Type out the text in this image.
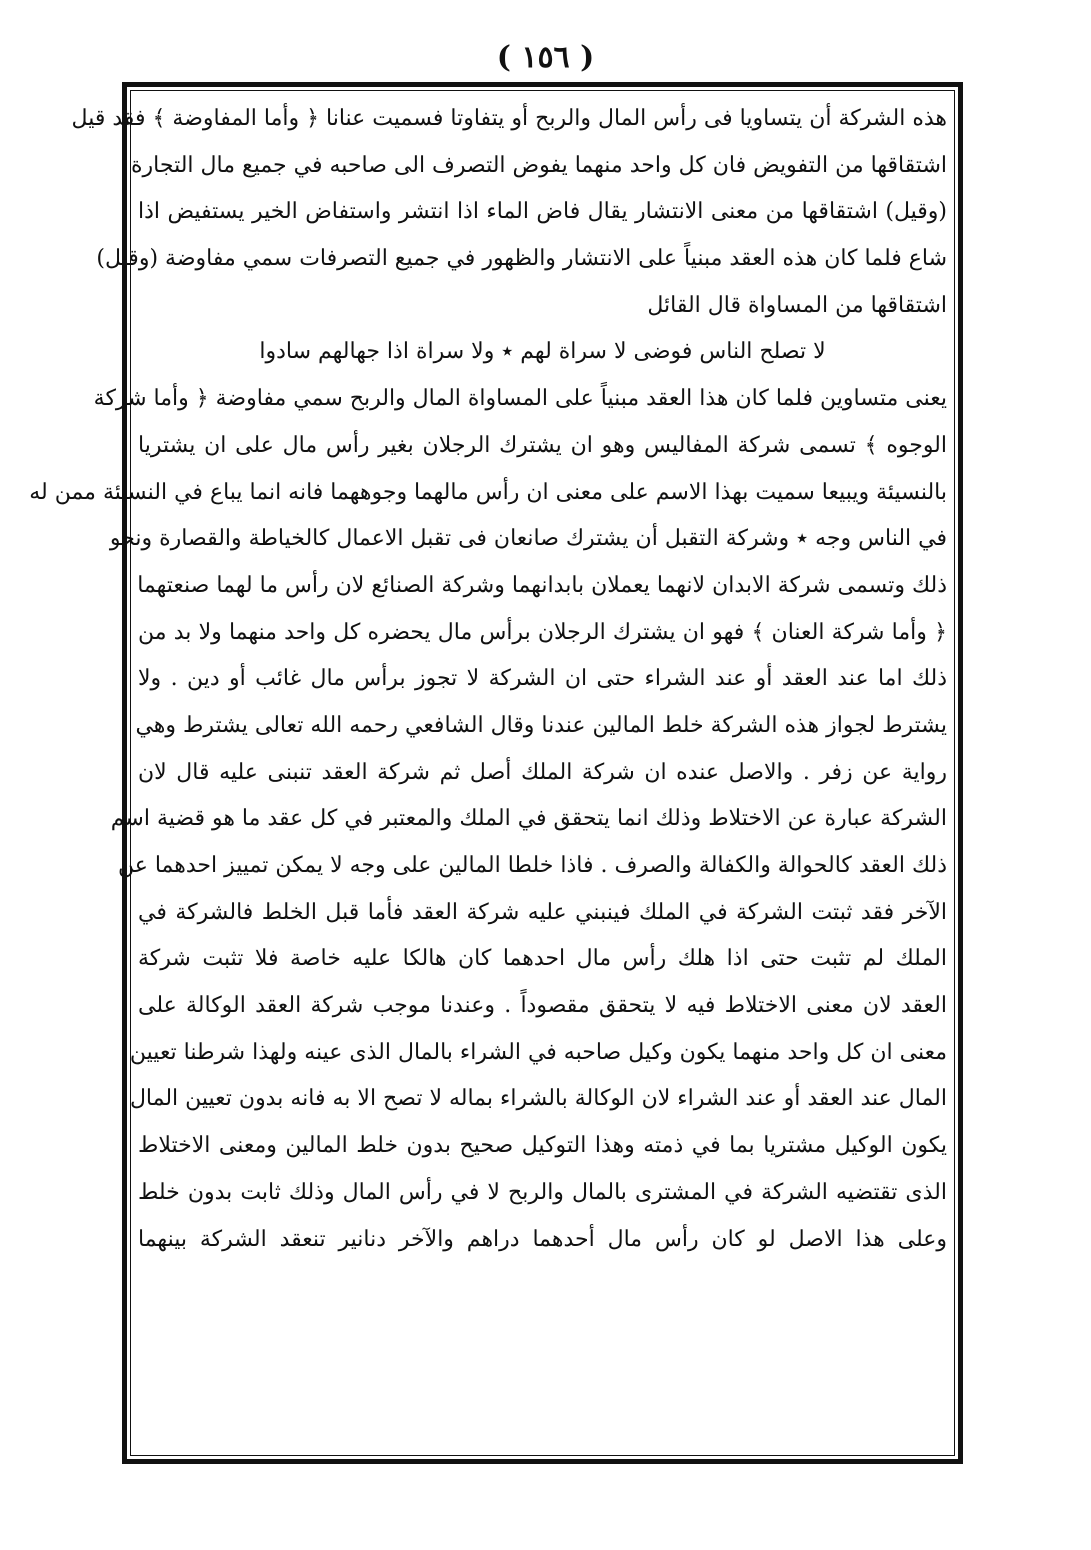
( ١٥٦ )
هذه الشركة أن يتساويا فى رأس المال والربح أو يتفاوتا فسميت عنانا ﴿ وأما المفاوضة ﴾ فقد قيل
اشتقاقها من التفويض فان كل واحد منهما يفوض التصرف الى صاحبه في جميع مال التجارة
(وقيل) اشتقاقها من معنى الانتشار يقال فاض الماء اذا انتشر واستفاض الخير يستفيض اذا
شاع فلما كان هذه العقد مبنياً على الانتشار والظهور في جميع التصرفات سمي مفاوضة (وقيل)
اشتقاقها من المساواة قال القائل
لا تصلح الناس فوضى لا سراة لهم ٭ ولا سراة اذا جهالهم سادوا
يعنى متساوين فلما كان هذا العقد مبنياً على المساواة المال والربح سمي مفاوضة ﴿ وأما شركة
الوجوه ﴾ تسمى شركة المفاليس وهو ان يشترك الرجلان بغير رأس مال على ان يشتريا
بالنسيئة ويبيعا سميت بهذا الاسم على معنى ان رأس مالهما وجوههما فانه انما يباع في النسيئة ممن له
في الناس وجه ٭ وشركة التقبل أن يشترك صانعان فى تقبل الاعمال كالخياطة والقصارة ونحو
ذلك وتسمى شركة الابدان لانهما يعملان بابدانهما وشركة الصنائع لان رأس ما لهما صنعتهما
﴿ وأما شركة العنان ﴾ فهو ان يشترك الرجلان برأس مال يحضره كل واحد منهما ولا بد من
ذلك اما عند العقد أو عند الشراء حتى ان الشركة لا تجوز برأس مال غائب أو دين . ولا
يشترط لجواز هذه الشركة خلط المالين عندنا وقال الشافعي رحمه الله تعالى يشترط وهي
رواية عن زفر . والاصل عنده ان شركة الملك أصل ثم شركة العقد تنبنى عليه قال لان
الشركة عبارة عن الاختلاط وذلك انما يتحقق في الملك والمعتبر في كل عقد ما هو قضية اسم
ذلك العقد كالحوالة والكفالة والصرف . فاذا خلطا المالين على وجه لا يمكن تمييز احدهما عن
الآخر فقد ثبتت الشركة في الملك فينبني عليه شركة العقد فأما قبل الخلط فالشركة في
الملك لم تثبت حتى اذا هلك رأس مال احدهما كان هالكا عليه خاصة فلا تثبت شركة
العقد لان معنى الاختلاط فيه لا يتحقق مقصوداً . وعندنا موجب شركة العقد الوكالة على
معنى ان كل واحد منهما يكون وكيل صاحبه في الشراء بالمال الذى عينه ولهذا شرطنا تعيين
المال عند العقد أو عند الشراء لان الوكالة بالشراء بماله لا تصح الا به فانه بدون تعيين المال
يكون الوكيل مشتريا بما في ذمته وهذا التوكيل صحيح بدون خلط المالين ومعنى الاختلاط
الذى تقتضيه الشركة في المشترى بالمال والربح لا في رأس المال وذلك ثابت بدون خلط
وعلى هذا الاصل لو كان رأس مال أحدهما دراهم والآخر دنانير تنعقد الشركة بينهما
